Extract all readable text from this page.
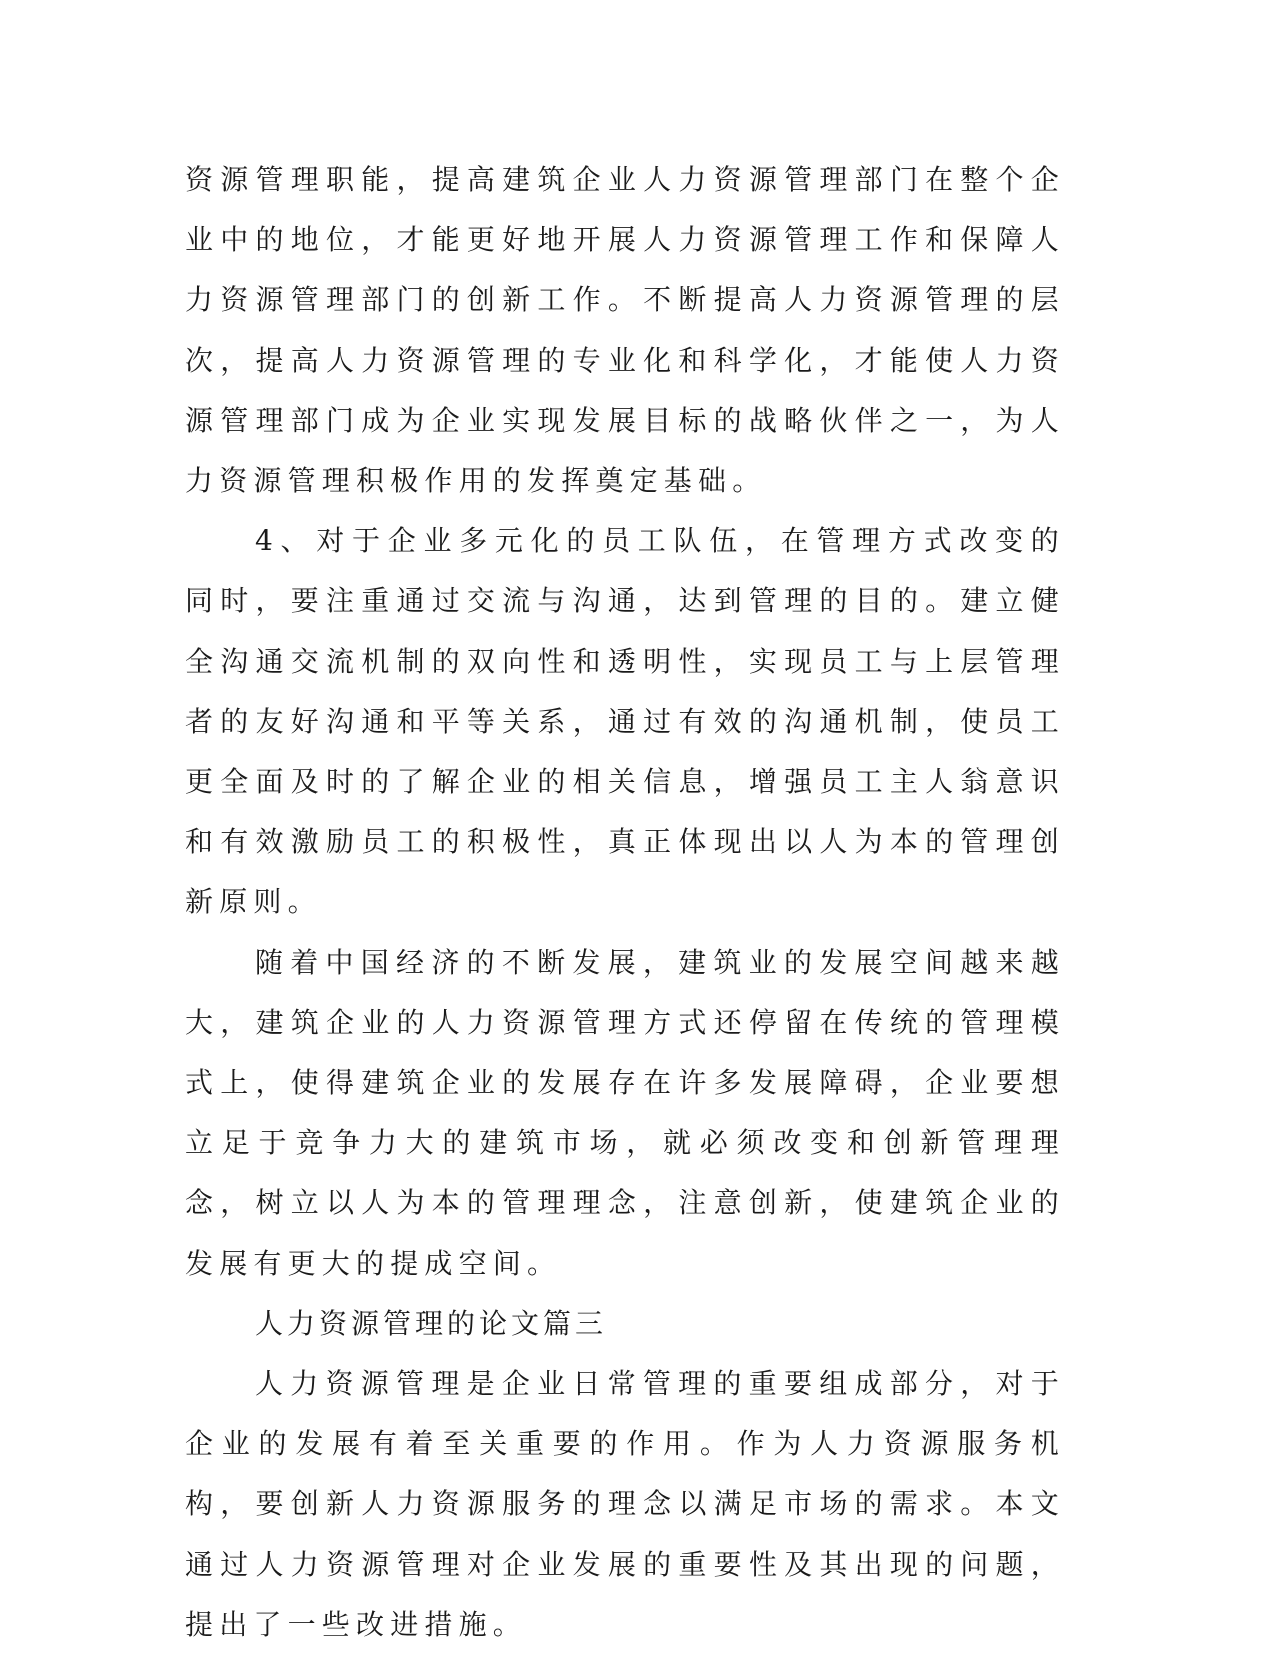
资源管理职能，提高建筑企业人力资源管理部门在整个企业中的地位，才能更好地开展人力资源管理工作和保障人力资源管理部门的创新工作。不断提高人力资源管理的层次，提高人力资源管理的专业化和科学化，才能使人力资源管理部门成为企业实现发展目标的战略伙伴之一，为人力资源管理积极作用的发挥奠定基础。

4、对于企业多元化的员工队伍，在管理方式改变的同时，要注重通过交流与沟通，达到管理的目的。建立健全沟通交流机制的双向性和透明性，实现员工与上层管理者的友好沟通和平等关系，通过有效的沟通机制，使员工更全面及时的了解企业的相关信息，增强员工主人翁意识和有效激励员工的积极性，真正体现出以人为本的管理创新原则。

随着中国经济的不断发展，建筑业的发展空间越来越大，建筑企业的人力资源管理方式还停留在传统的管理模式上，使得建筑企业的发展存在许多发展障碍，企业要想立足于竞争力大的建筑市场，就必须改变和创新管理理念，树立以人为本的管理理念，注意创新，使建筑企业的发展有更大的提成空间。

人力资源管理的论文篇三

人力资源管理是企业日常管理的重要组成部分，对于企业的发展有着至关重要的作用。作为人力资源服务机构，要创新人力资源服务的理念以满足市场的需求。本文通过人力资源管理对企业发展的重要性及其出现的问题，提出了一些改进措施。
